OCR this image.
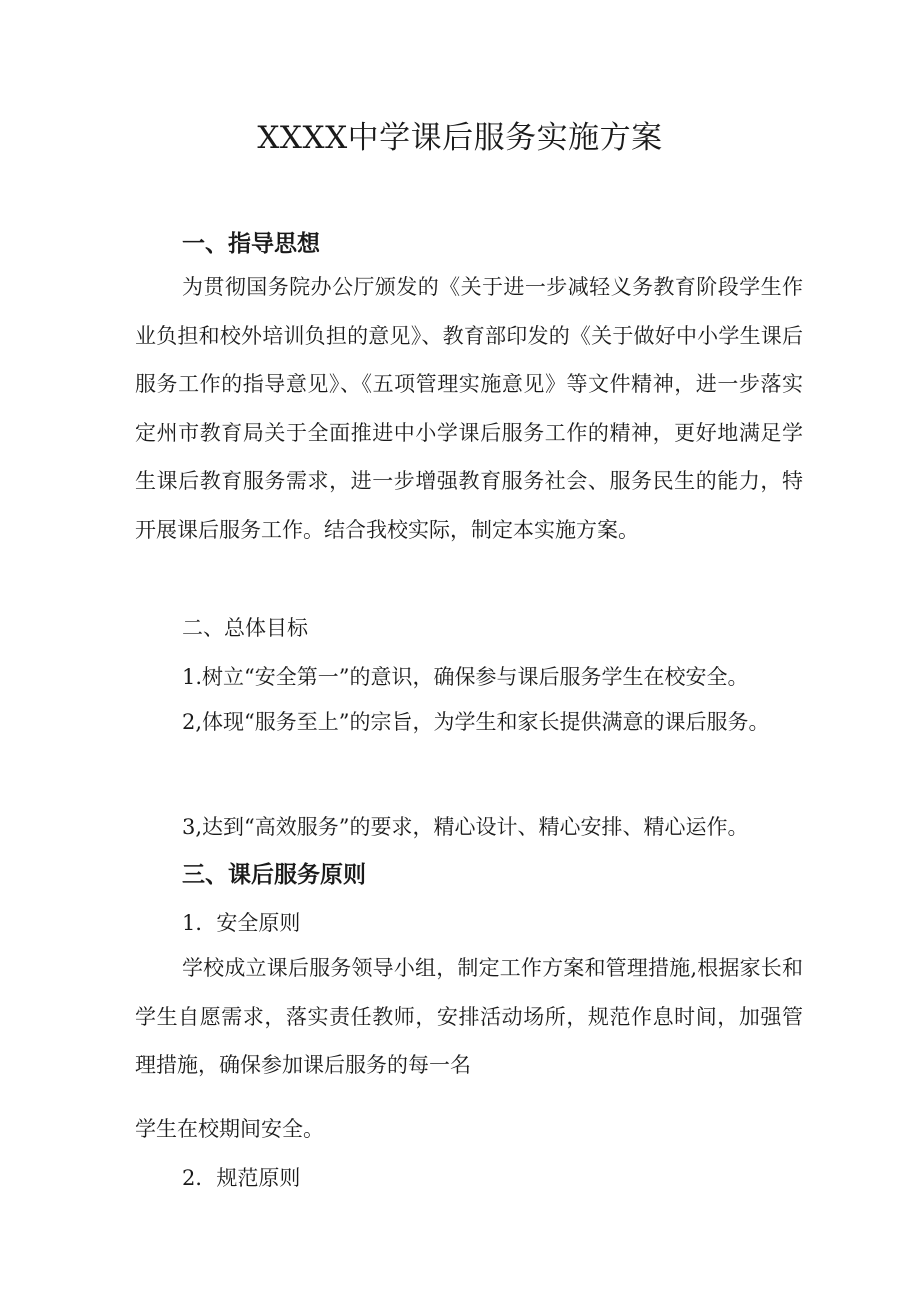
XXXX中学课后服务实施方案
一、指导思想
为贯彻国务院办公厅颁发的《关于进一步减轻义务教育阶段学生作业负担和校外培训负担的意见》、教育部印发的《关于做好中小学生课后服务工作的指导意见》、《五项管理实施意见》等文件精神，进一步落实定州市教育局关于全面推进中小学课后服务工作的精神，更好地满足学生课后教育服务需求，进一步增强教育服务社会、服务民生的能力，特开展课后服务工作。结合我校实际，制定本实施方案。
二、总体目标
1.树立“安全第一”的意识，确保参与课后服务学生在校安全。
2,体现“服务至上”的宗旨，为学生和家长提供满意的课后服务。
3,达到“高效服务”的要求，精心设计、精心安排、精心运作。
三、课后服务原则
1．安全原则
学校成立课后服务领导小组，制定工作方案和管理措施,根据家长和学生自愿需求，落实责任教师，安排活动场所，规范作息时间，加强管理措施，确保参加课后服务的每一名
学生在校期间安全。
2．规范原则
